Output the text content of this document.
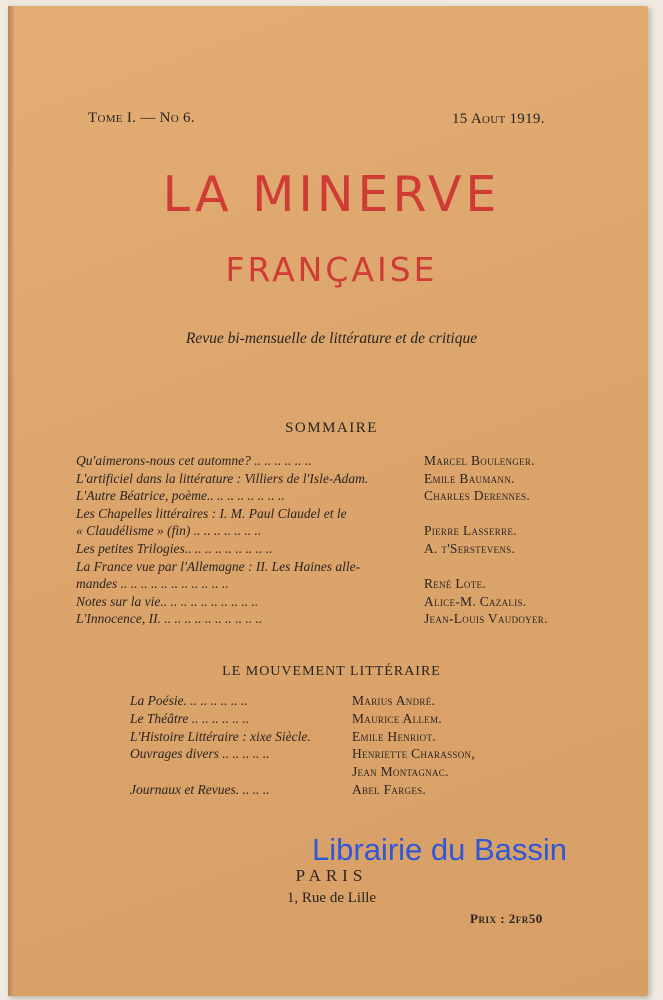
Tome I. — No 6.	15 Aout 1919.
LA MINERVE
FRANÇAISE
Revue bi-mensuelle de littérature et de critique
SOMMAIRE
Qu'aimerons-nous cet automne? .. .. .. .. .. ..	Marcel Boulenger.
L'artificiel dans la littérature : Villiers de l'Isle-Adam.	Emile Baumann.
L'Autre Béatrice, poème.. .. .. .. .. .. .. ..	Charles Derennes.
Les Chapelles littéraires : I. M. Paul Claudel et le
« Claudélisme » (fin) .. .. .. .. .. .. ..	Pierre Lasserre.
Les petites Trilogies.. .. .. .. .. .. .. .. ..	A. t'Serstevens.
La France vue par l'Allemagne : II. Les Haines alle-
mandes .. .. .. .. .. .. .. .. .. .. ..	René Lote.
Notes sur la vie.. .. .. .. .. .. .. .. .. ..	Alice-M. Cazalis.
L'Innocence, II. .. .. .. .. .. .. .. .. .. ..	Jean-Louis Vaudoyer.
LE MOUVEMENT LITTÉRAIRE
La Poésie. .. .. .. .. .. ..	Marius André.
Le Théâtre .. .. .. .. .. ..	Maurice Allem.
L'Histoire Littéraire : xixe Siècle.	Emile Henriot.
Ouvrages divers .. .. .. .. ..	Henriette Charasson,
Jean Montagnac.
Journaux et Revues. .. .. ..	Abel Farges.
Librairie du Bassin
PARIS
1, Rue de Lille
Prix : 2fr50
